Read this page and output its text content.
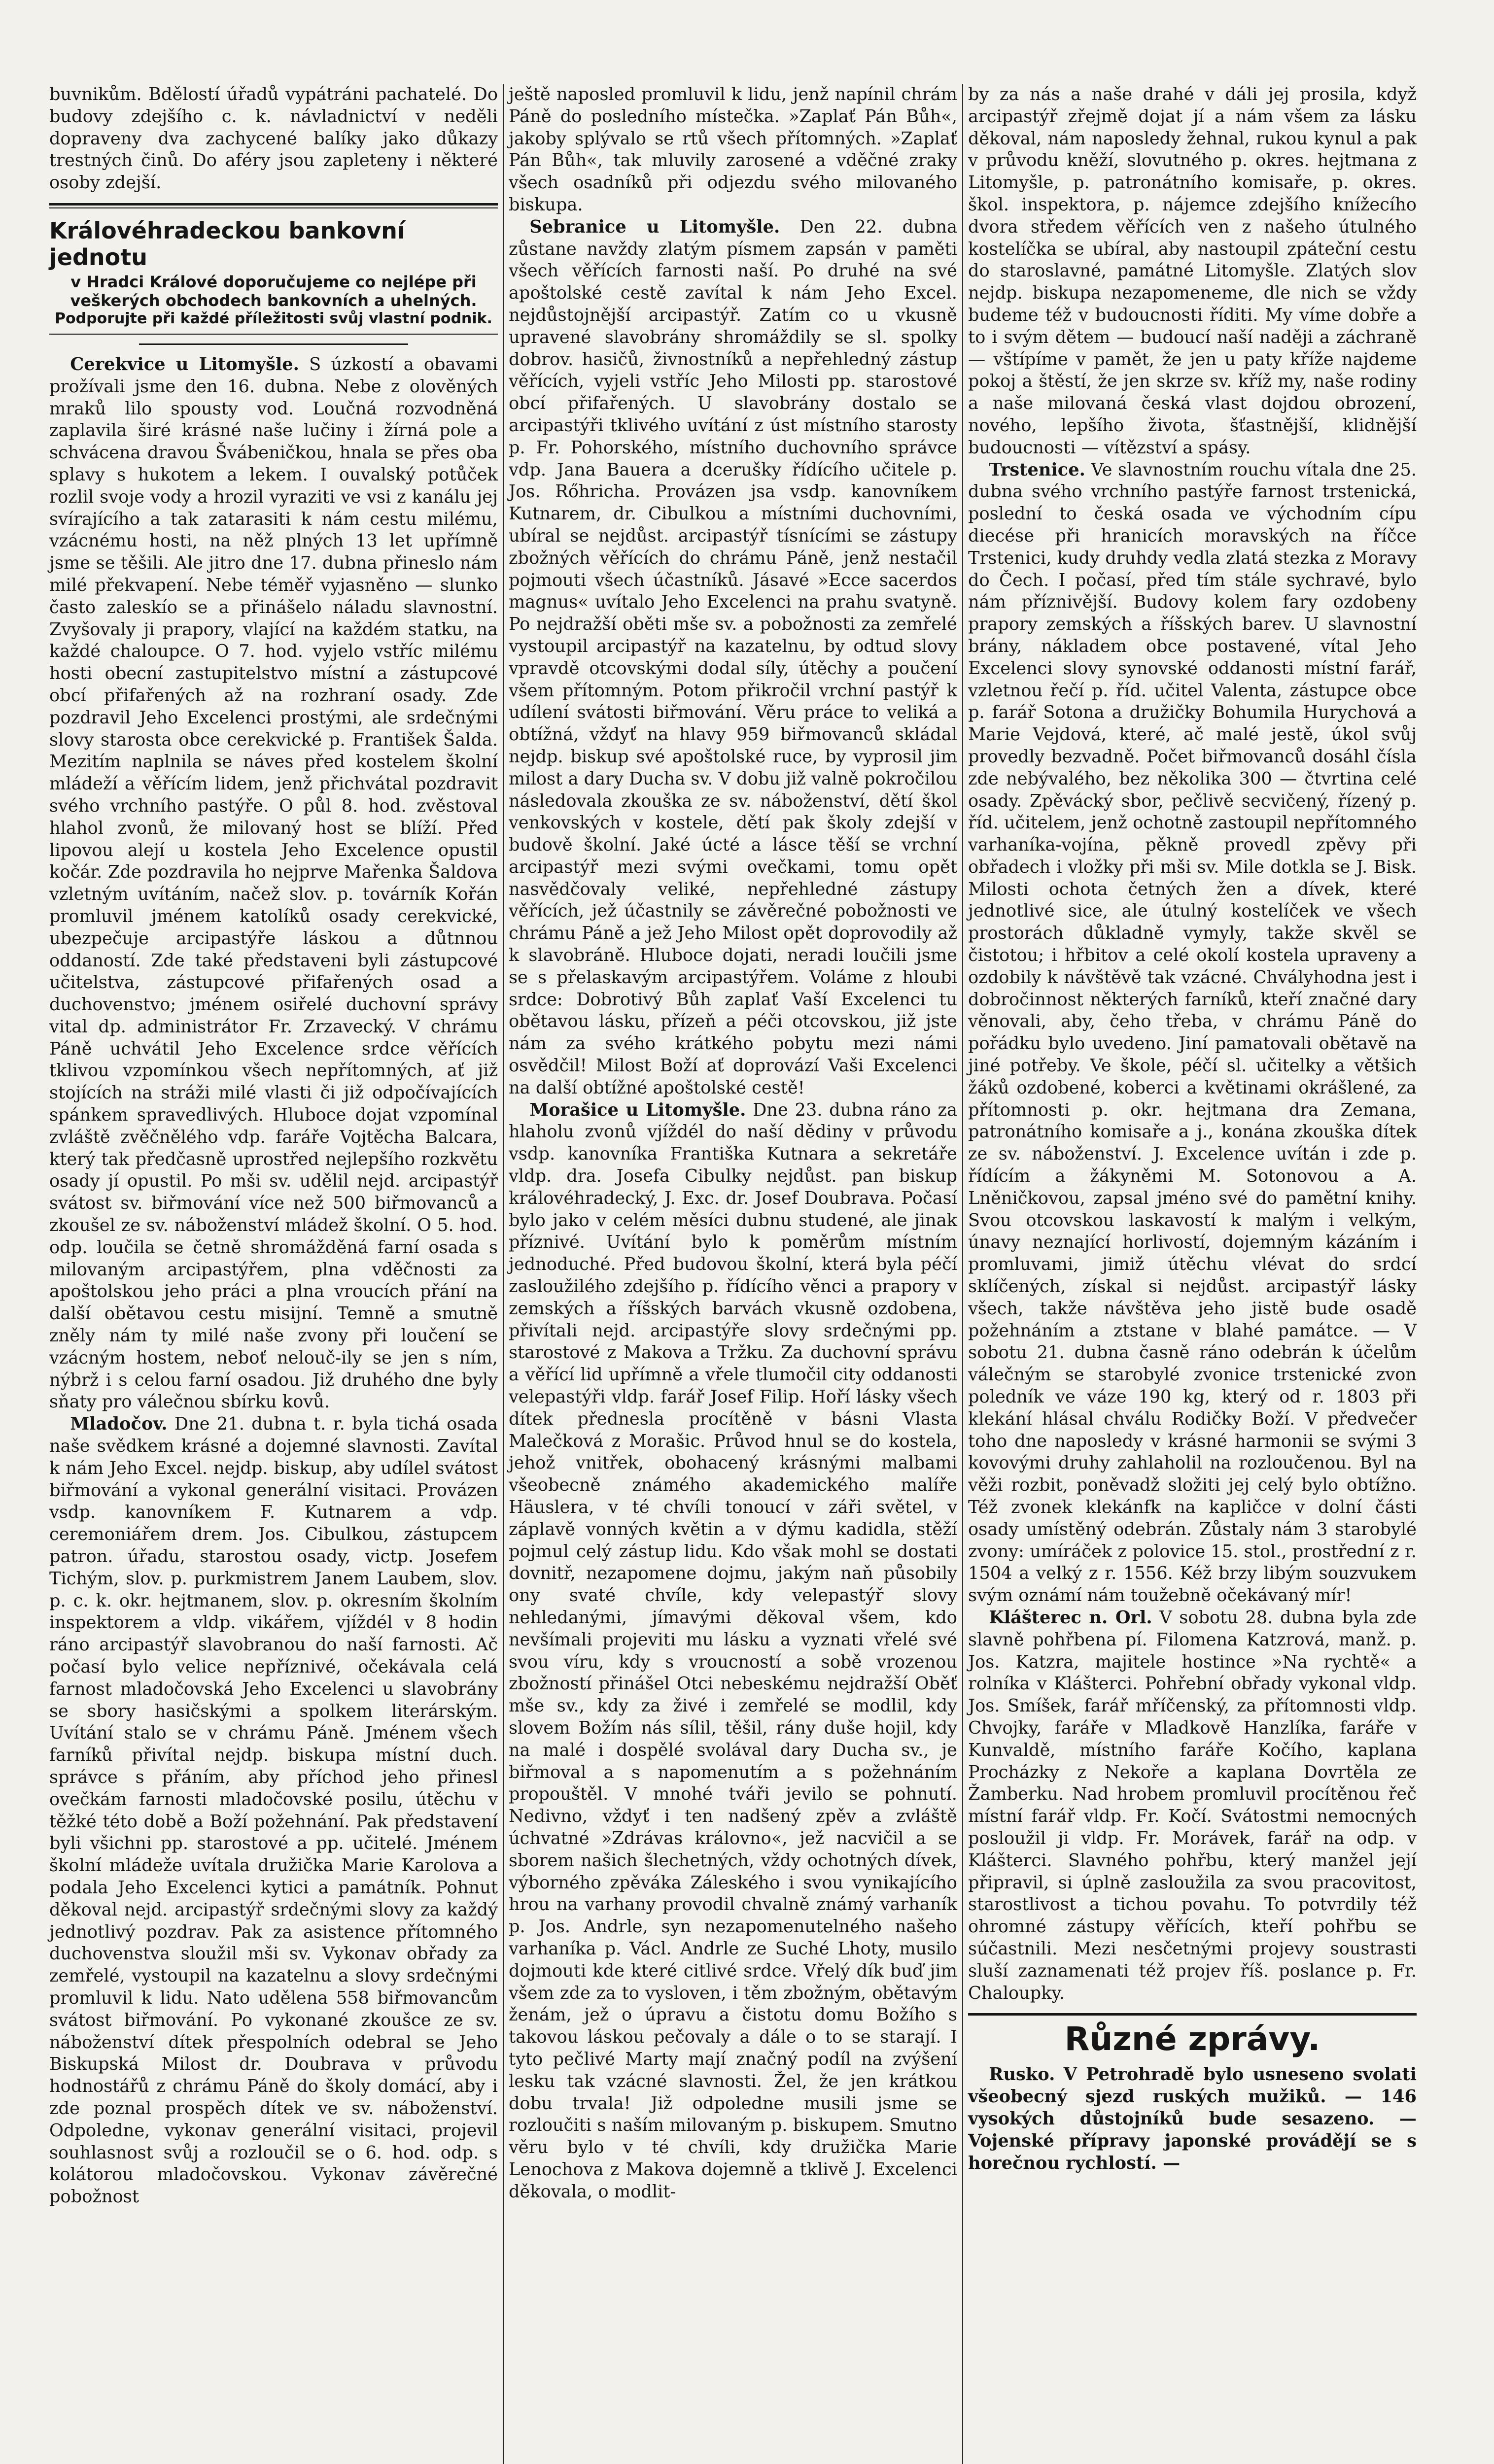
buvnikům. Bdělostí úřadů vypátráni pachatelé. Do budovy zdejšího c. k. návladnictví v neděli dopraveny dva zachycené balíky jako důkazy trestných činů. Do aféry jsou zapleteny i některé osoby zdejší.

Královéhradeckou bankovní jednotu
v Hradci Králové doporučujeme co nejlépe při veškerých obchodech bankovních a uhelných.
Podporujte při každé příležitosti svůj vlastní podnik.

Cerekvice u Litomyšle. S úzkostí a obavami prožívali jsme den 16. dubna. Nebe z olověných mraků lilo spousty vod. Loučná rozvodněná zaplavila širé krásné naše lučiny i žírná pole a schvácena dravou Švábeničkou, hnala se přes oba splavy s hukotem a lekem. I ouvalský potůček rozlil svoje vody a hrozil vyraziti ve vsi z kanálu jej svírajícího a tak zatarasiti k nám cestu milému, vzácnému hosti, na něž plných 13 let upřímně jsme se těšili. Ale jitro dne 17. dubna přineslo nám milé překvapení. Nebe téměř vyjasněno — slunko často zaleskío se a přinášelo náladu slavnostní. Zvyšovaly ji prapory, vlající na každém statku, na každé chaloupce. O 7. hod. vyjelo vstříc milému hosti obecní zastupitelstvo místní a zástupcové obcí přifařených až na rozhraní osady. Zde pozdravil Jeho Excelenci prostými, ale srdečnými slovy starosta obce cerekvické p. František Šalda. Mezitím naplnila se náves před kostelem školní mládeží a věřícím lidem, jenž přichvátal pozdravit svého vrchního pastýře. O půl 8. hod. zvěstoval hlahol zvonů, že milovaný host se blíží. Před lipovou alejí u kostela Jeho Excelence opustil kočár. Zde pozdravila ho nejprve Mařenka Šaldova vzletným uvítáním, načež slov. p. továrník Kořán promluvil jménem katolíků osady cerekvické, ubezpečuje arcipastýře láskou a důtnnou oddaností. Zde také představeni byli zástupcové učitelstva, zástupcové přifařených osad a duchovenstvo; jménem osiřelé duchovní správy vital dp. administrátor Fr. Zrzavecký. V chrámu Páně uchvátil Jeho Excelence srdce věřících tklivou vzpomínkou všech nepřítomných, ať již stojících na stráži milé vlasti či již odpočívajících spánkem spravedlivých. Hluboce dojat vzpomínal zvláště zvěčnělého vdp. faráře Vojtěcha Balcara, který tak předčasně uprostřed nejlepšího rozkvětu osady jí opustil. Po mši sv. udělil nejd. arcipastýř svátost sv. biřmování více než 500 biřmovanců a zkoušel ze sv. náboženství mládež školní. O 5. hod. odp. loučila se četně shromážděná farní osada s milovaným arcipastýřem, plna vděčnosti za apoštolskou jeho práci a plna vroucích přání na další obětavou cestu misijní. Temně a smutně zněly nám ty milé naše zvony při loučení se vzácným hostem, neboť nelouč‑ily se jen s ním, nýbrž i s celou farní osadou. Již druhého dne byly sňaty pro válečnou sbírku kovů.

Mladočov. Dne 21. dubna t. r. byla tichá osada naše svědkem krásné a dojemné slavnosti. Zavítal k nám Jeho Excel. nejdp. biskup, aby udílel svátost biřmování a vykonal generální visitaci. Provázen vsdp. kanovníkem F. Kutnarem a vdp. ceremoniářem drem. Jos. Cibulkou, zástupcem patron. úřadu, starostou osady, victp. Josefem Tichým, slov. p. purkmistrem Janem Laubem, slov. p. c. k. okr. hejtmanem, slov. p. okresním školním inspektorem a vldp. vikářem, vjíždél v 8 hodin ráno arcipastýř slavobranou do naší farnosti. Ač počasí bylo velice nepříznivé, očekávala celá farnost mladočovská Jeho Excelenci u slavobrány se sbory hasičskými a spolkem literárským. Uvítání stalo se v chrámu Páně. Jménem všech farníků přivítal nejdp. biskupa místní duch. správce s přáním, aby příchod jeho přinesl ovečkám farnosti mladočovské posilu, útěchu v těžké této době a Boží požehnání. Pak představení byli všichni pp. starostové a pp. učitelé. Jménem školní mládeže uvítala družička Marie Karolova a podala Jeho Excelenci kytici a památník. Pohnut děkoval nejd. arcipastýř srdečnými slovy za každý jednotlivý pozdrav. Pak za asistence přítomného duchovenstva sloužil mši sv. Vykonav obřady za zemřelé, vystoupil na kazatelnu a slovy srdečnými promluvil k lidu. Nato udělena 558 biřmovancům svátost biřmování. Po vykonané zkoušce ze sv. náboženství dítek přespolních odebral se Jeho Biskupská Milost dr. Doubrava v průvodu hodnostářů z chrámu Páně do školy domácí, aby i zde poznal prospěch dítek ve sv. náboženství. Odpoledne, vykonav generální visitaci, projevil souhlasnost svůj a rozloučil se o 6. hod. odp. s kolátorou mladočovskou. Vykonav závěrečné pobožnost

ještě naposled promluvil k lidu, jenž napínil chrám Páně do posledního místečka. »Zaplať Pán Bůh«, jakoby splývalo se rtů všech přítomných. »Zaplať Pán Bůh«, tak mluvily zarosené a vděčné zraky všech osadníků při odjezdu svého milovaného biskupa.

Sebranice u Litomyšle. Den 22. dubna zůstane navždy zlatým písmem zapsán v paměti všech věřících farnosti naší. Po druhé na své apoštolské cestě zavítal k nám Jeho Excel. nejdůstojnější arcipastýř. Zatím co u vkusně upravené slavobrány shromáždily se sl. spolky dobrov. hasičů, živnostníků a nepřehledný zástup věřících, vyjeli vstříc Jeho Milosti pp. starostové obcí přifařených. U slavobrány dostalo se arcipastýři tklivého uvítání z úst místního starosty p. Fr. Pohorského, místního duchovního správce vdp. Jana Bauera a dcerušky řídícího učitele p. Jos. Rőhricha. Provázen jsa vsdp. kanovníkem Kutnarem, dr. Cibulkou a místními duchovními, ubíral se nejdůst. arcipastýř tísnícími se zástupy zbožných věřících do chrámu Páně, jenž nestačil pojmouti všech účastníků. Jásavé »Ecce sacerdos magnus« uvítalo Jeho Excelenci na prahu svatyně. Po nejdražší oběti mše sv. a pobožnosti za zemřelé vystoupil arcipastýř na kazatelnu, by odtud slovy vpravdě otcovskými dodal síly, útěchy a poučení všem přítomným. Potom přikročil vrchní pastýř k udílení svátosti biřmování. Věru práce to veliká a obtížná, vždyť na hlavy 959 biřmovanců skládal nejdp. biskup své apoštolské ruce, by vyprosil jim milost a dary Ducha sv. V dobu již valně pokročilou následovala zkouška ze sv. náboženství, dětí škol venkovských v kostele, dětí pak školy zdejší v budově školní. Jaké úcté a lásce těší se vrchní arcipastýř mezi svými ovečkami, tomu opět nasvědčovaly veliké, nepřehledné zástupy věřících, jež účastnily se závěrečné pobožnosti ve chrámu Páně a jež Jeho Milost opět doprovodily až k slavobráně. Hluboce dojati, neradi loučili jsme se s přelaskavým arcipastýřem. Voláme z hloubi srdce: Dobrotivý Bůh zaplať Vaší Excelenci tu obětavou lásku, přízeň a péči otcovskou, již jste nám za svého krátkého pobytu mezi námi osvědčil! Milost Boží ať doprovází Vaši Excelenci na další obtížné apoštolské cestě!

Morašice u Litomyšle. Dne 23. dubna ráno za hlaholu zvonů vjíždél do naší dědiny v průvodu vsdp. kanovníka Františka Kutnara a sekretáře vldp. dra. Josefa Cibulky nejdůst. pan biskup královéhradecký, J. Exc. dr. Josef Doubrava. Počasí bylo jako v celém měsíci dubnu studené, ale jinak příznivé. Uvítání bylo k poměrům místním jednoduché. Před budovou školní, která byla péčí zasloužilého zdejšího p. řídícího věnci a prapory v zemských a říšských barvách vkusně ozdobena, přivítali nejd. arcipastýře slovy srdečnými pp. starostové z Makova a Tržku. Za duchovní správu a věřící lid upřímně a vřele tlumočil city oddanosti velepastýři vldp. farář Josef Filip. Hoří lásky všech dítek přednesla procítěně v básni Vlasta Malečková z Morašic. Průvod hnul se do kostela, jehož vnitřek, obohacený krásnými malbami všeobecně známého akademického malíře Häuslera, v té chvíli tonoucí v záři světel, v záplavě vonných květin a v dýmu kadidla, stěží pojmul celý zástup lidu. Kdo však mohl se dostati dovnitř, nezapomene dojmu, jakým naň působily ony svaté chvíle, kdy velepastýř slovy nehledanými, jímavými děkoval všem, kdo nevšímali projeviti mu lásku a vyznati vřelé své svou víru, kdy s vroucností a sobě vrozenou zbožností přinášel Otci nebeskému nejdražší Oběť mše sv., kdy za živé i zemřelé se modlil, kdy slovem Božím nás sílil, těšil, rány duše hojil, kdy na malé i dospělé svolával dary Ducha sv., je biřmoval a s napomenutím a s požehnáním propouštěl. V mnohé tváři jevilo se pohnutí. Nedivno, vždyť i ten nadšený zpěv a zvláště úchvatné »Zdrávas královno«, jež nacvičil a se sborem našich šlechetných, vždy ochotných dívek, výborného zpěváka Záleského i svou vynikajícího hrou na varhany provodil chvalně známý varhaník p. Jos. Andrle, syn nezapomenutelného našeho varhaníka p. Václ. Andrle ze Suché Lhoty, musilo dojmouti kde které citlivé srdce. Vřelý dík buď jim všem zde za to vysloven, i těm zbožným, obětavým ženám, jež o úpravu a čistotu domu Božího s takovou láskou pečovaly a dále o to se starají. I tyto pečlivé Marty mají značný podíl na zvýšení lesku tak vzácné slavnosti. Žel, že jen krátkou dobu trvala! Již odpoledne musili jsme se rozloučiti s naším milovaným p. biskupem. Smutno věru bylo v té chvíli, kdy družička Marie Lenochova z Makova dojemně a tklivě J. Excelenci děkovala, o modlit‑

by za nás a naše drahé v dáli jej prosila, když arcipastýř zřejmě dojat jí a nám všem za lásku děkoval, nám naposledy žehnal, rukou kynul a pak v průvodu kněží, slovutného p. okres. hejtmana z Litomyšle, p. patronátního komisaře, p. okres. škol. inspektora, p. nájemce zdejšího knížecího dvora středem věřících ven z našeho útulného kostelíčka se ubíral, aby nastoupil zpáteční cestu do staroslavné, památné Litomyšle. Zlatých slov nejdp. biskupa nezapomeneme, dle nich se vždy budeme též v budoucnosti říditi. My víme dobře a to i svým dětem — budoucí naší naději a záchraně — vštípíme v pamět, že jen u paty kříže najdeme pokoj a štěstí, že jen skrze sv. kříž my, naše rodiny a naše milovaná česká vlast dojdou obrození, nového, lepšího života, šťastnější, klidnější budoucnosti — vítězství a spásy.

Trstenice. Ve slavnostním rouchu vítala dne 25. dubna svého vrchního pastýře farnost trstenická, poslední to česká osada ve východním cípu diecése při hranicích moravských na říčce Trstenici, kudy druhdy vedla zlatá stezka z Moravy do Čech. I počasí, před tím stále sychravé, bylo nám příznivější. Budovy kolem fary ozdobeny prapory zemských a říšských barev. U slavnostní brány, nákladem obce postavené, vítal Jeho Excelenci slovy synovské oddanosti místní farář, vzletnou řečí p. říd. učitel Valenta, zástupce obce p. farář Sotona a družičky Bohumila Hurychová a Marie Vejdová, které, ač malé jestě, úkol svůj provedly bezvadně. Počet biřmovanců dosáhl čísla zde nebývalého, bez několika 300 — čtvrtina celé osady. Zpěvácký sbor, pečlivě secvičený, řízený p. říd. učitelem, jenž ochotně zastoupil nepřítomného varhaníka‑vojína, pěkně provedl zpěvy při obřadech i vložky při mši sv. Mile dotkla se J. Bisk. Milosti ochota četných žen a dívek, které jednotlivé sice, ale útulný kostelíček ve všech prostorách důkladně vymyly, takže skvěl se čistotou; i hřbitov a celé okolí kostela upraveny a ozdobily k návštěvě tak vzácné. Chvályhodna jest i dobročinnost některých farníků, kteří značné dary věnovali, aby, čeho třeba, v chrámu Páně do pořádku bylo uvedeno. Jiní pamatovali obětavě na jiné potřeby. Ve škole, péčí sl. učitelky a většich žáků ozdobené, koberci a květinami okrášlené, za přítomnosti p. okr. hejtmana dra Zemana, patronátního komisaře a j., konána zkouška dítek ze sv. náboženství. J. Excelence uvítán i zde p. řídícím a žákyněmi M. Sotonovou a A. Lněničkovou, zapsal jméno své do pamětní knihy. Svou otcovskou laskavostí k malým i velkým, únavy neznající horlivostí, dojemným kázáním i promluvami, jimiž útěchu vlévat do srdcí sklíčených, získal si nejdůst. arcipastýř lásky všech, takže návštěva jeho jistě bude osadě požehnáním a ztstane v blahé památce. — V sobotu 21. dubna časně ráno odebrán k účelům válečným se starobylé zvonice trstenické zvon poledník ve váze 190 kg, který od r. 1803 při klekání hlásal chválu Rodičky Boží. V předvečer toho dne naposledy v krásné harmonii se svými 3 kovovými druhy zahlaholil na rozloučenou. Byl na věži rozbit, poněvadž složiti jej celý bylo obtížno. Též zvonek klekánfk na kapličce v dolní části osady umístěný odebrán. Zůstaly nám 3 starobylé zvony: umíráček z polovice 15. stol., prostřední z r. 1504 a velký z r. 1556. Kéž brzy libým souzvukem svým oznámí nám toužebně očekávaný mír!

Klášterec n. Orl. V sobotu 28. dubna byla zde slavně pohřbena pí. Filomena Katzrová, manž. p. Jos. Katzra, majitele hostince »Na rychtě« a rolníka v Klášterci. Pohřební obřady vykonal vldp. Jos. Smíšek, farář mříčenský, za přítomnosti vldp. Chvojky, faráře v Mladkově Hanzlíka, faráře v Kunvaldě, místního faráře Kočího, kaplana Procházky z Nekoře a kaplana Dovrtěla ze Žamberku. Nad hrobem promluvil procítěnou řeč místní farář vldp. Fr. Kočí. Svátostmi nemocných posloužil ji vldp. Fr. Morávek, farář na odp. v Klášterci. Slavného pohřbu, který manžel její připravil, si úplně zasloužila za svou pracovitost, starostlivost a tichou povahu. To potvrdily též ohromné zástupy věřících, kteří pohřbu se súčastnili. Mezi nesčetnými projevy soustrasti sluší zaznamenati též projev říš. poslance p. Fr. Chaloupky.

Různé zprávy.

Rusko. V Petrohradě bylo usneseno svolati všeobecný sjezd ruských mužiků. — 146 vysokých důstojníků bude sesazeno. — Vojenské přípravy japonské provádějí se s horečnou rychlostí. —
